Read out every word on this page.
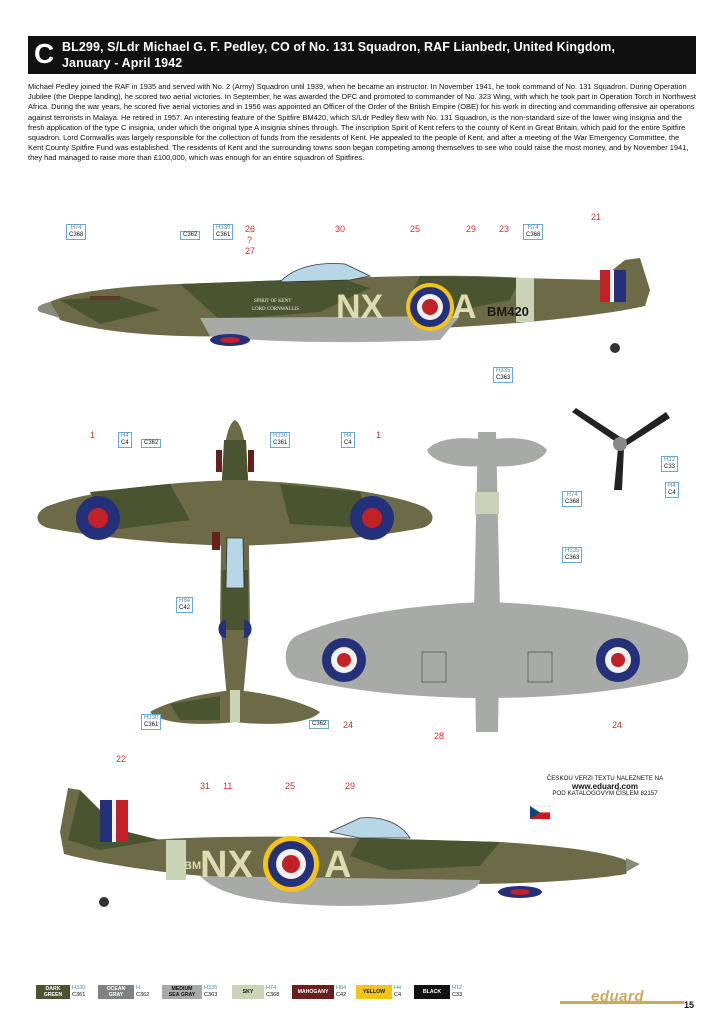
C BL299, S/Ldr Michael G. F. Pedley, CO of No. 131 Squadron, RAF Lianbedr, United Kingdom,
January - April 1942
Michael Pedley joined the RAF in 1935 and served with No. 2 (Army) Squadron until 1939, when he became an instructor. In November 1941, he took command of No. 131 Squadron. During Operation Jubilee (the Dieppe landing), he scored two aerial victories. In September, he was awarded the DFC and promoted to commander of No. 323 Wing, with which he took part in Operation Torch in Northwest Africa. During the war years, he scored five aerial victories and in 1956 was appointed an Officer of the Order of the British Empire (OBE) for his work in directing and commanding offensive air operations against terrorists in Malaya. He retired in 1957. An interesting feature of the Spitfire BM420, which S/Ldr Pedley flew with No. 131 Squadron, is the non-standard size of the lower wing insignia and the fresh application of the type C insignia, under which the original type A insignia shines through. The inscription Spirit of Kent refers to the county of Kent in Great Britain, which paid for the entire Spitfire squadron. Lord Cornwallis was largely responsible for the collection of funds from the residents of Kent. He appealed to the people of Kent, and after a meeting of the War Emergency Committee, the Kent County Spitfire Fund was established. The residents of Kent and the surrounding towns soon began competing among themselves to see who could raise the most money, and by November 1941, they had managed to raise more than £100,000, which was enough for an entire squadron of Spitfires.
NX A BM420
SPIRIT OF KENT
LORD CORNWALLIS
H74
C368	C362
H330
C361
H74
C368
H335
C363
26
?
27
30	25	29	23
21
H4
C4	C362
H330
C361
H4
C4
H84
C42
H330
C361	C362
1	1
H12
C33
H4
C4
H74
C368
H335
C363
24	24
28
BM
NX A
22
31 11	25	29
ČESKOU VERZI TEXTU NALEZNETE NA
www.eduard.com
POD KATALOGOVÝM ČÍSLEM 82157
DARK
GREEN
H330
C361
OCEAN
GRAY
H
C362
MEDIUM
SEA GRAY
H335
C363	SKY
H74
C368	MAHOGANY
H84
C42	YELLOW
H4
C4	BLACK
H12
C33	eduard	15
